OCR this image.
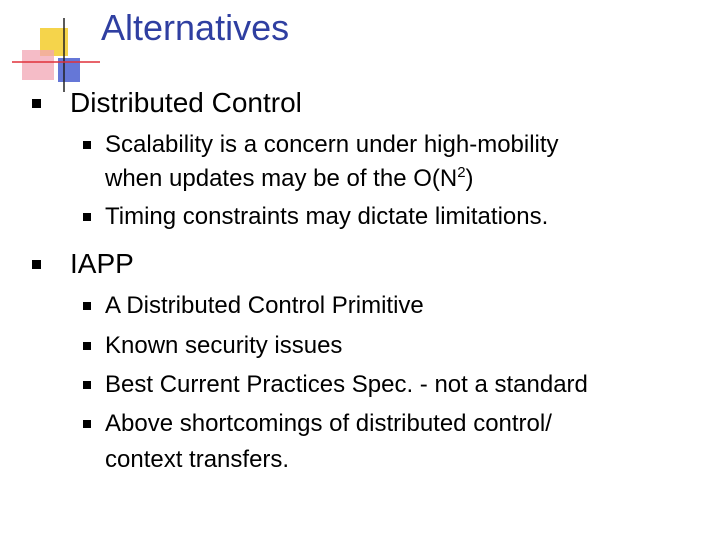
Alternatives
Distributed Control
Scalability is a concern under high-mobility
when updates may be of the $O(N^2)$
Timing constraints may dictate limitations.
IAPP
A Distributed Control Primitive
Known security issues
Best Current Practices Spec. - not a standard
Above shortcomings of distributed control/
context transfers.
